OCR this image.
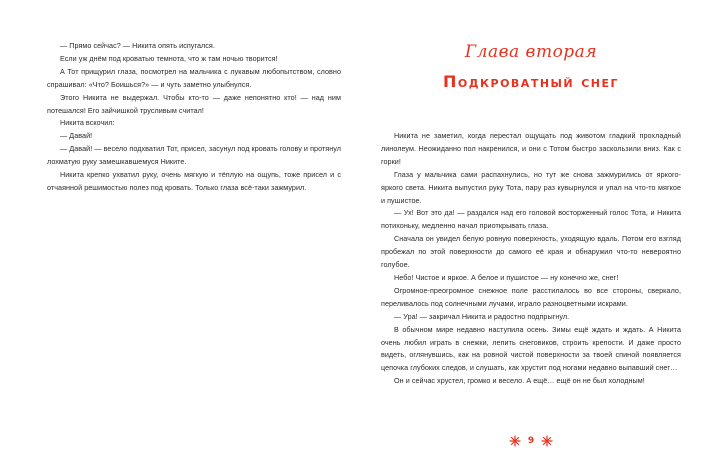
— Прямо сейчас? — Никита опять испугался.

Если уж днём под кроватью темнота, что ж там ночью творится!

А Тот прищурил глаза, посмотрел на мальчика с лукавым любопытством, словно спрашивал: «Что? Боишься?» — и чуть заметно улыбнулся.

Этого Никита не выдержал. Чтобы кто-то — даже непонятно кто! — над ним потешался! Его зайчишкой трусливым считал!

Никита вскочил:

— Давай!

— Давай! — весело подхватил Тот, присел, засунул под кровать голову и протянул лохматую руку замешкавшемуся Никите.

Никита крепко ухватил руку, очень мягкую и тёплую на ощупь, тоже присел и с отчаянной решимостью полез под кровать. Только глаза всё-таки зажмурил.

Глава вторая
Подкроватный снег

Никита не заметил, когда перестал ощущать под животом гладкий прохладный линолеум. Неожиданно пол накренился, и они с Тотом быстро заскользили вниз. Как с горки!

Глаза у мальчика сами распахнулись, но тут же снова зажмурились от яркого-яркого света. Никита выпустил руку Тота, пару раз кувырнулся и упал на что-то мягкое и пушистое.

— Ух! Вот это да! — раздался над его головой восторженный голос Тота, и Никита потихоньку, медленно начал приоткрывать глаза.

Сначала он увидел белую ровную поверхность, уходящую вдаль. Потом его взгляд пробежал по этой поверхности до самого её края и обнаружил что-то невероятно голубое.

Небо! Чистое и яркое. А белое и пушистое — ну конечно же, снег!

Огромное-преогромное снежное поле расстилалось во все стороны, сверкало, переливалось под солнечными лучами, играло разноцветными искрами.

— Ура! — закричал Никита и радостно подпрыгнул.

В обычном мире недавно наступила осень. Зимы ещё ждать и ждать. А Никита очень любил играть в снежки, лепить снеговиков, строить крепости. И даже просто видеть, оглянувшись, как на ровной чистой поверхности за твоей спиной появляется цепочка глубоких следов, и слушать, как хрустит под ногами недавно выпавший снег…

Он и сейчас хрустел, громко и весело. А ещё… ещё он не был холодным!

9
